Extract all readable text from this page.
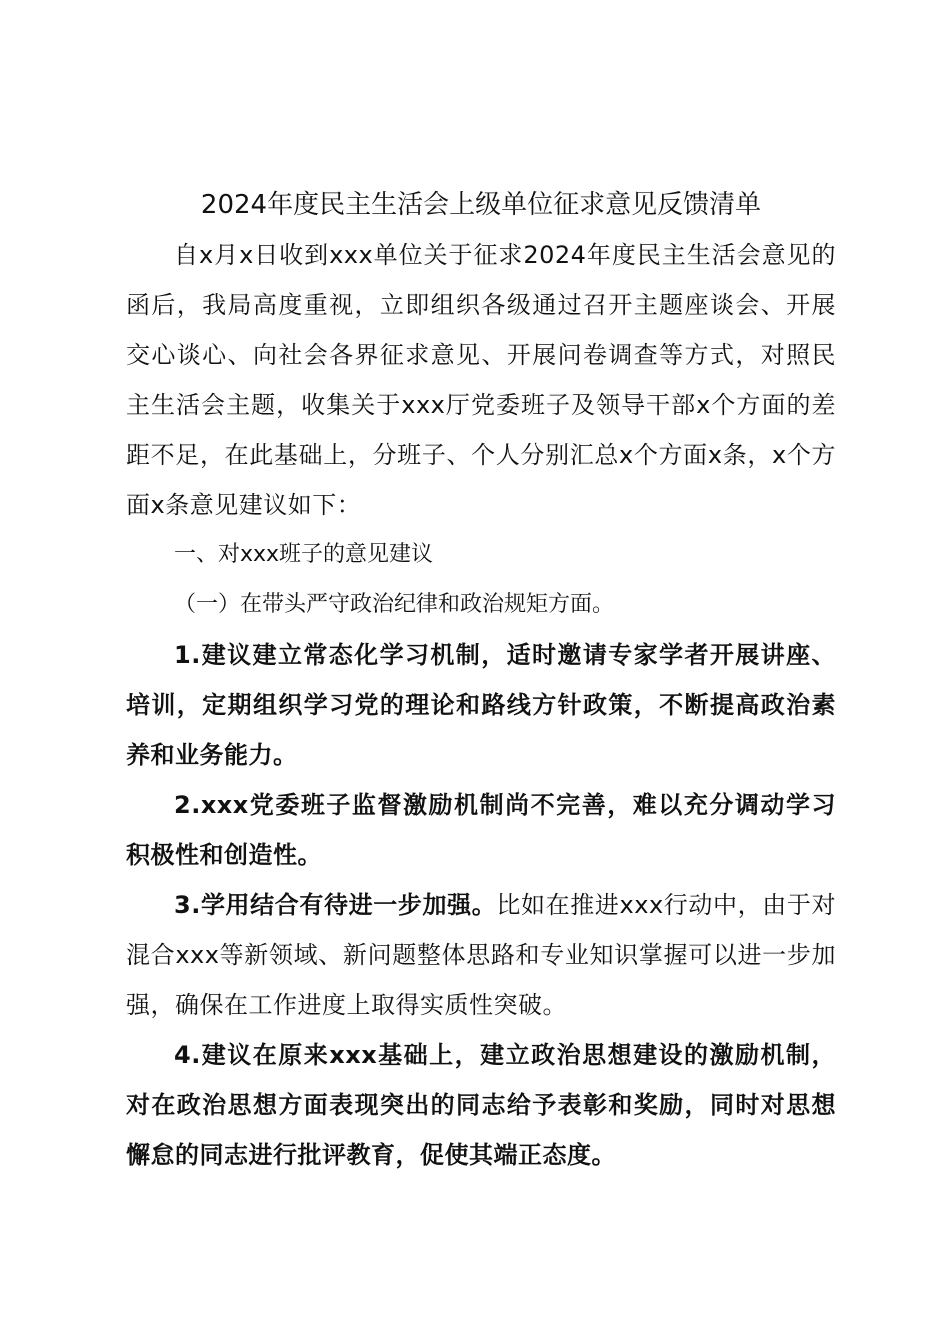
2024年度民主生活会上级单位征求意见反馈清单

自x月x日收到xxx单位关于征求2024年度民主生活会意见的函后，我局高度重视，立即组织各级通过召开主题座谈会、开展交心谈心、向社会各界征求意见、开展问卷调查等方式，对照民主生活会主题，收集关于xxx厅党委班子及领导干部x个方面的差距不足，在此基础上，分班子、个人分别汇总x个方面x条，x个方面x条意见建议如下：

一、对xxx班子的意见建议

（一）在带头严守政治纪律和政治规矩方面。

1.建议建立常态化学习机制，适时邀请专家学者开展讲座、培训，定期组织学习党的理论和路线方针政策，不断提高政治素养和业务能力。

2.xxx党委班子监督激励机制尚不完善，难以充分调动学习积极性和创造性。

3.学用结合有待进一步加强。比如在推进xxx行动中，由于对混合xxx等新领域、新问题整体思路和专业知识掌握可以进一步加强，确保在工作进度上取得实质性突破。

4.建议在原来xxx基础上，建立政治思想建设的激励机制，对在政治思想方面表现突出的同志给予表彰和奖励，同时对思想懈怠的同志进行批评教育，促使其端正态度。
